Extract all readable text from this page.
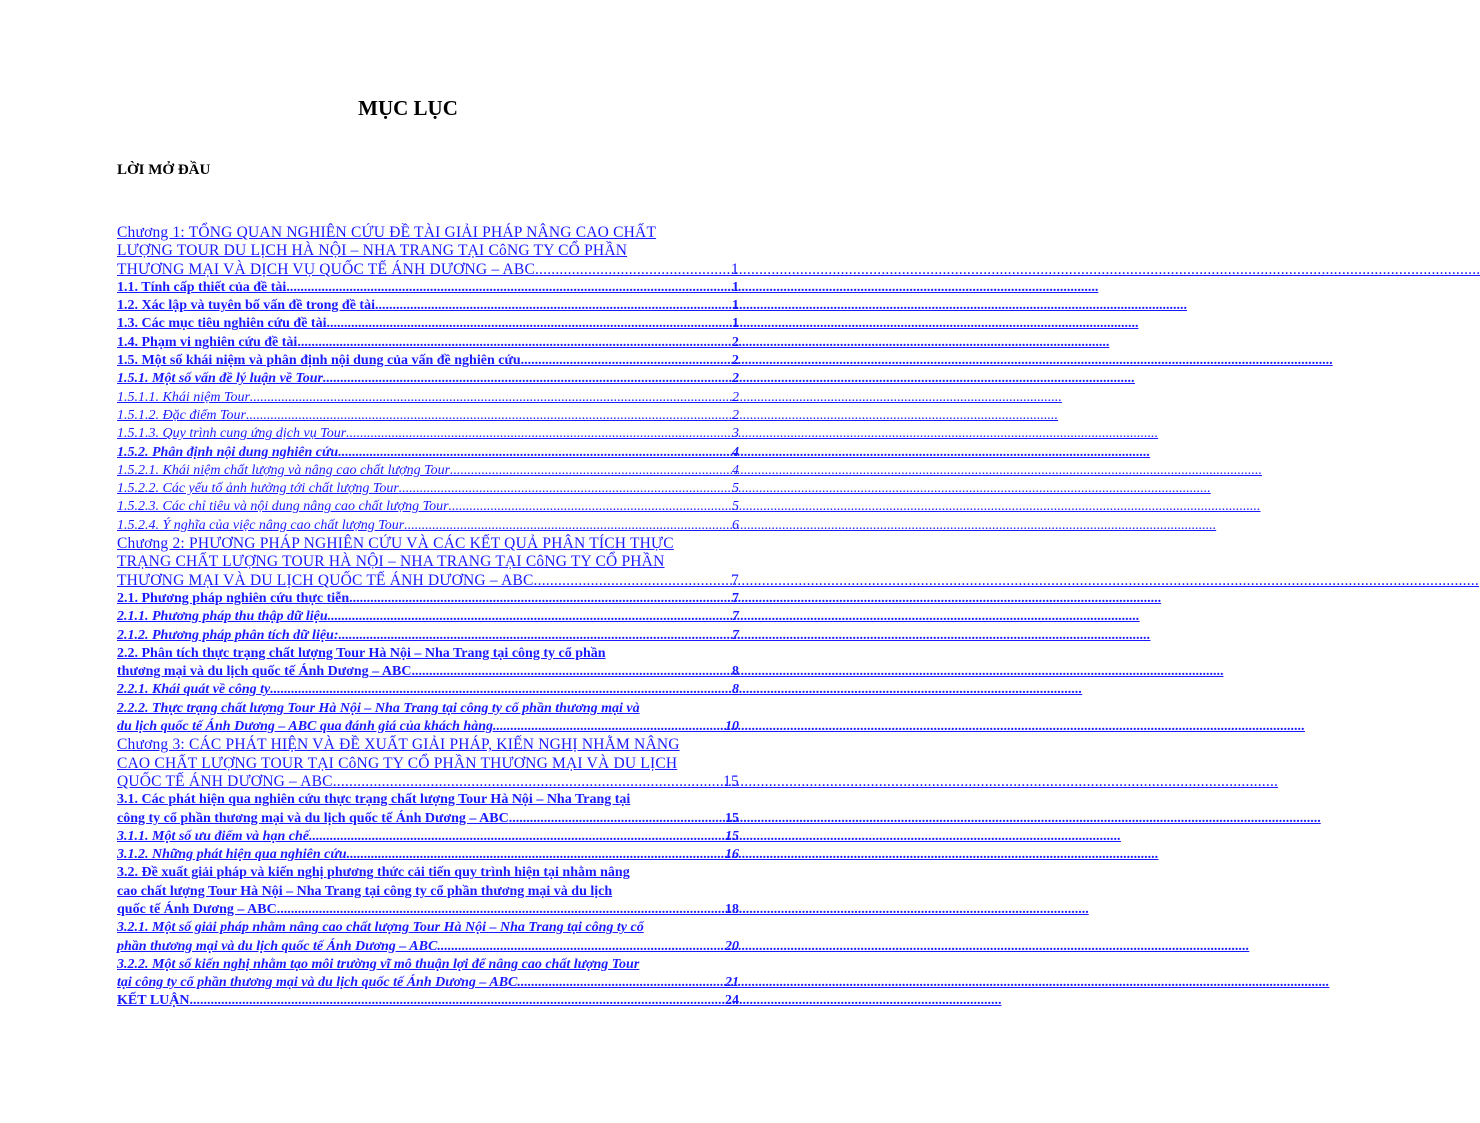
MỤC LỤC
LỜI MỞ ĐẦU
Chương 1: TỔNG QUAN NGHIÊN CỨU ĐỀ TÀI GIẢI PHÁP NÂNG CAO CHẤT
LƯỢNG TOUR DU LỊCH HÀ NỘI – NHA TRANG TẠI CôNG TY CỔ PHẦN
THƯƠNG MẠI VÀ DỊCH VỤ QUỐC TẾ ÁNH DƯƠNG – ABC .....	1
1.1. Tính cấp thiết của đề tài .....	1
1.2. Xác lập và tuyên bố vấn đề trong đề tài .....	1
1.3. Các mục tiêu nghiên cứu đề tài .....	1
1.4. Phạm vi nghiên cứu đề tài .....	2
1.5. Một số khái niệm và phân định nội dung của vấn đề nghiên cứu .....	2
1.5.1. Một số vấn đề lý luận về Tour .....	2
1.5.1.1. Khái niệm Tour .....	2
1.5.1.2. Đặc điểm Tour .....	2
1.5.1.3. Quy trình cung ứng dịch vụ Tour .....	3
1.5.2. Phân định nội dung nghiên cứu .....	4
1.5.2.1. Khái niệm chất lượng và nâng cao chất lượng Tour .....	4
1.5.2.2. Các yếu tố ảnh hưởng tới chất lượng Tour .....	5
1.5.2.3. Các chỉ tiêu và nội dung nâng cao chất lượng Tour .....	5
1.5.2.4. Ý nghĩa của việc nâng cao chất lượng Tour .....	6
Chương 2: PHƯƠNG PHÁP NGHIÊN CỨU VÀ CÁC KẾT QUẢ PHÂN TÍCH THỰC
TRẠNG CHẤT LƯỢNG TOUR HÀ NỘI – NHA TRANG TẠI CôNG TY CỔ PHẦN
THƯƠNG MẠI VÀ DU LỊCH QUỐC TẾ ÁNH DƯƠNG – ABC .....	7
2.1. Phương pháp nghiên cứu thực tiễn .....	7
2.1.1. Phương pháp thu thập dữ liệu .....	7
2.1.2. Phương pháp phân tích dữ liệu: .....	7
2.2. Phân tích thực trạng chất lượng Tour Hà Nội – Nha Trang tại công ty cổ phần
thương mại và du lịch quốc tế Ánh Dương – ABC .....	8
2.2.1. Khái quát về công ty .....	8
2.2.2. Thực trạng chất lượng Tour Hà Nội – Nha Trang tại công ty cổ phần thương mại và
du lịch quốc tế Ánh Dương – ABC qua đánh giá của khách hàng .....	10
Chương 3: CÁC PHÁT HIỆN VÀ ĐỀ XUẤT GIẢI PHÁP, KIẾN NGHỊ NHẰM NÂNG
CAO CHẤT LƯỢNG TOUR TẠI CôNG TY CỔ PHẦN THƯƠNG MẠI VÀ DU LỊCH
QUỐC TẾ ÁNH DƯƠNG – ABC .....	15
3.1. Các phát hiện qua nghiên cứu thực trạng chất lượng Tour Hà Nội – Nha Trang tại
công ty cổ phần thương mại và du lịch quốc tế Ánh Dương – ABC .....	15
3.1.1. Một số ưu điểm và hạn chế .....	15
3.1.2. Những phát hiện qua nghiên cứu .....	16
3.2. Đề xuất giải pháp và kiến nghị phương thức cải tiến quy trình hiện tại nhằm nâng
cao chất lượng Tour Hà Nội – Nha Trang tại công ty cổ phần thương mại và du lịch
quốc tế Ánh Dương – ABC .....	18
3.2.1. Một số giải pháp nhằm nâng cao chất lượng Tour Hà Nội – Nha Trang tại công ty cổ
phần thương mại và du lịch quốc tế Ánh Dương – ABC .....	20
3.2.2. Một số kiến nghị nhằm tạo môi trường vĩ mô thuận lợi để nâng cao chất lượng Tour
tại công ty cổ phần thương mại và du lịch quốc tế Ánh Dương – ABC .....	21
KẾT LUẬN .....	24
